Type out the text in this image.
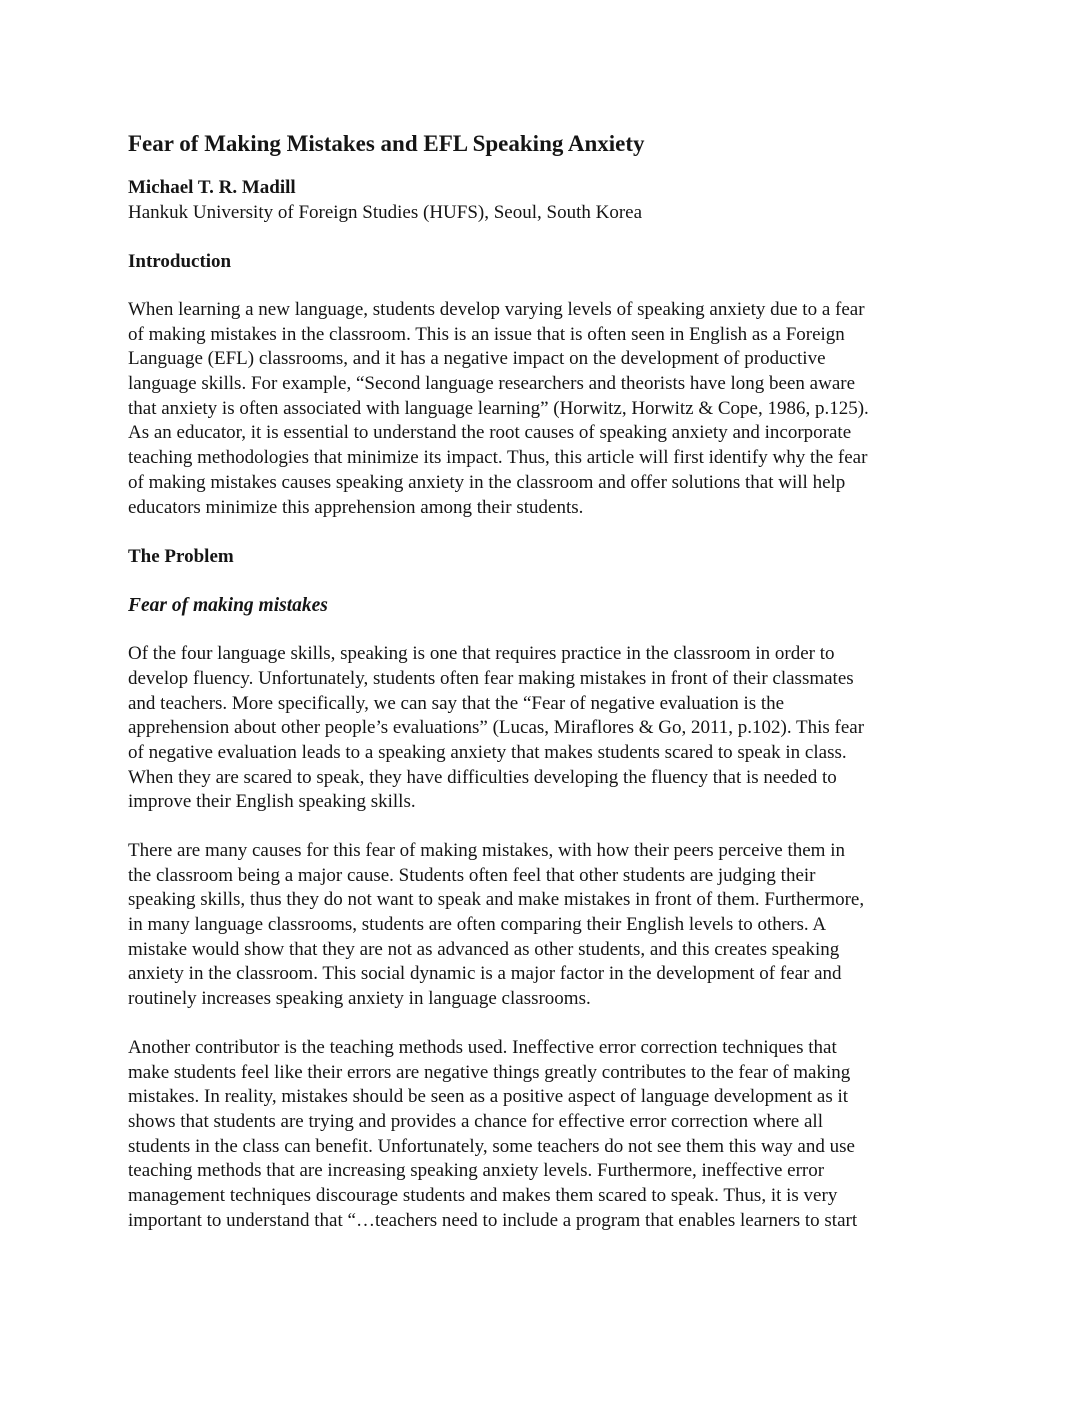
Fear of Making Mistakes and EFL Speaking Anxiety

Michael T. R. Madill

Hankuk University of Foreign Studies (HUFS), Seoul, South Korea

Introduction
When learning a new language, students develop varying levels of speaking anxiety due to a fear
of making mistakes in the classroom. This is an issue that is often seen in English as a Foreign
Language (EFL) classrooms, and it has a negative impact on the development of productive
language skills. For example, “Second language researchers and theorists have long been aware
that anxiety is often associated with language learning” (Horwitz, Horwitz & Cope, 1986, p.125).
As an educator, it is essential to understand the root causes of speaking anxiety and incorporate
teaching methodologies that minimize its impact. Thus, this article will first identify why the fear
of making mistakes causes speaking anxiety in the classroom and offer solutions that will help
educators minimize this apprehension among their students.
The Problem
Fear of making mistakes
Of the four language skills, speaking is one that requires practice in the classroom in order to
develop fluency. Unfortunately, students often fear making mistakes in front of their classmates
and teachers. More specifically, we can say that the “Fear of negative evaluation is the
apprehension about other people’s evaluations” (Lucas, Miraflores & Go, 2011, p.102). This fear
of negative evaluation leads to a speaking anxiety that makes students scared to speak in class.
When they are scared to speak, they have difficulties developing the fluency that is needed to
improve their English speaking skills.
There are many causes for this fear of making mistakes, with how their peers perceive them in
the classroom being a major cause. Students often feel that other students are judging their
speaking skills, thus they do not want to speak and make mistakes in front of them. Furthermore,
in many language classrooms, students are often comparing their English levels to others. A
mistake would show that they are not as advanced as other students, and this creates speaking
anxiety in the classroom. This social dynamic is a major factor in the development of fear and
routinely increases speaking anxiety in language classrooms.
Another contributor is the teaching methods used. Ineffective error correction techniques that
make students feel like their errors are negative things greatly contributes to the fear of making
mistakes. In reality, mistakes should be seen as a positive aspect of language development as it
shows that students are trying and provides a chance for effective error correction where all
students in the class can benefit. Unfortunately, some teachers do not see them this way and use
teaching methods that are increasing speaking anxiety levels. Furthermore, ineffective error
management techniques discourage students and makes them scared to speak. Thus, it is very
important to understand that “…teachers need to include a program that enables learners to start
